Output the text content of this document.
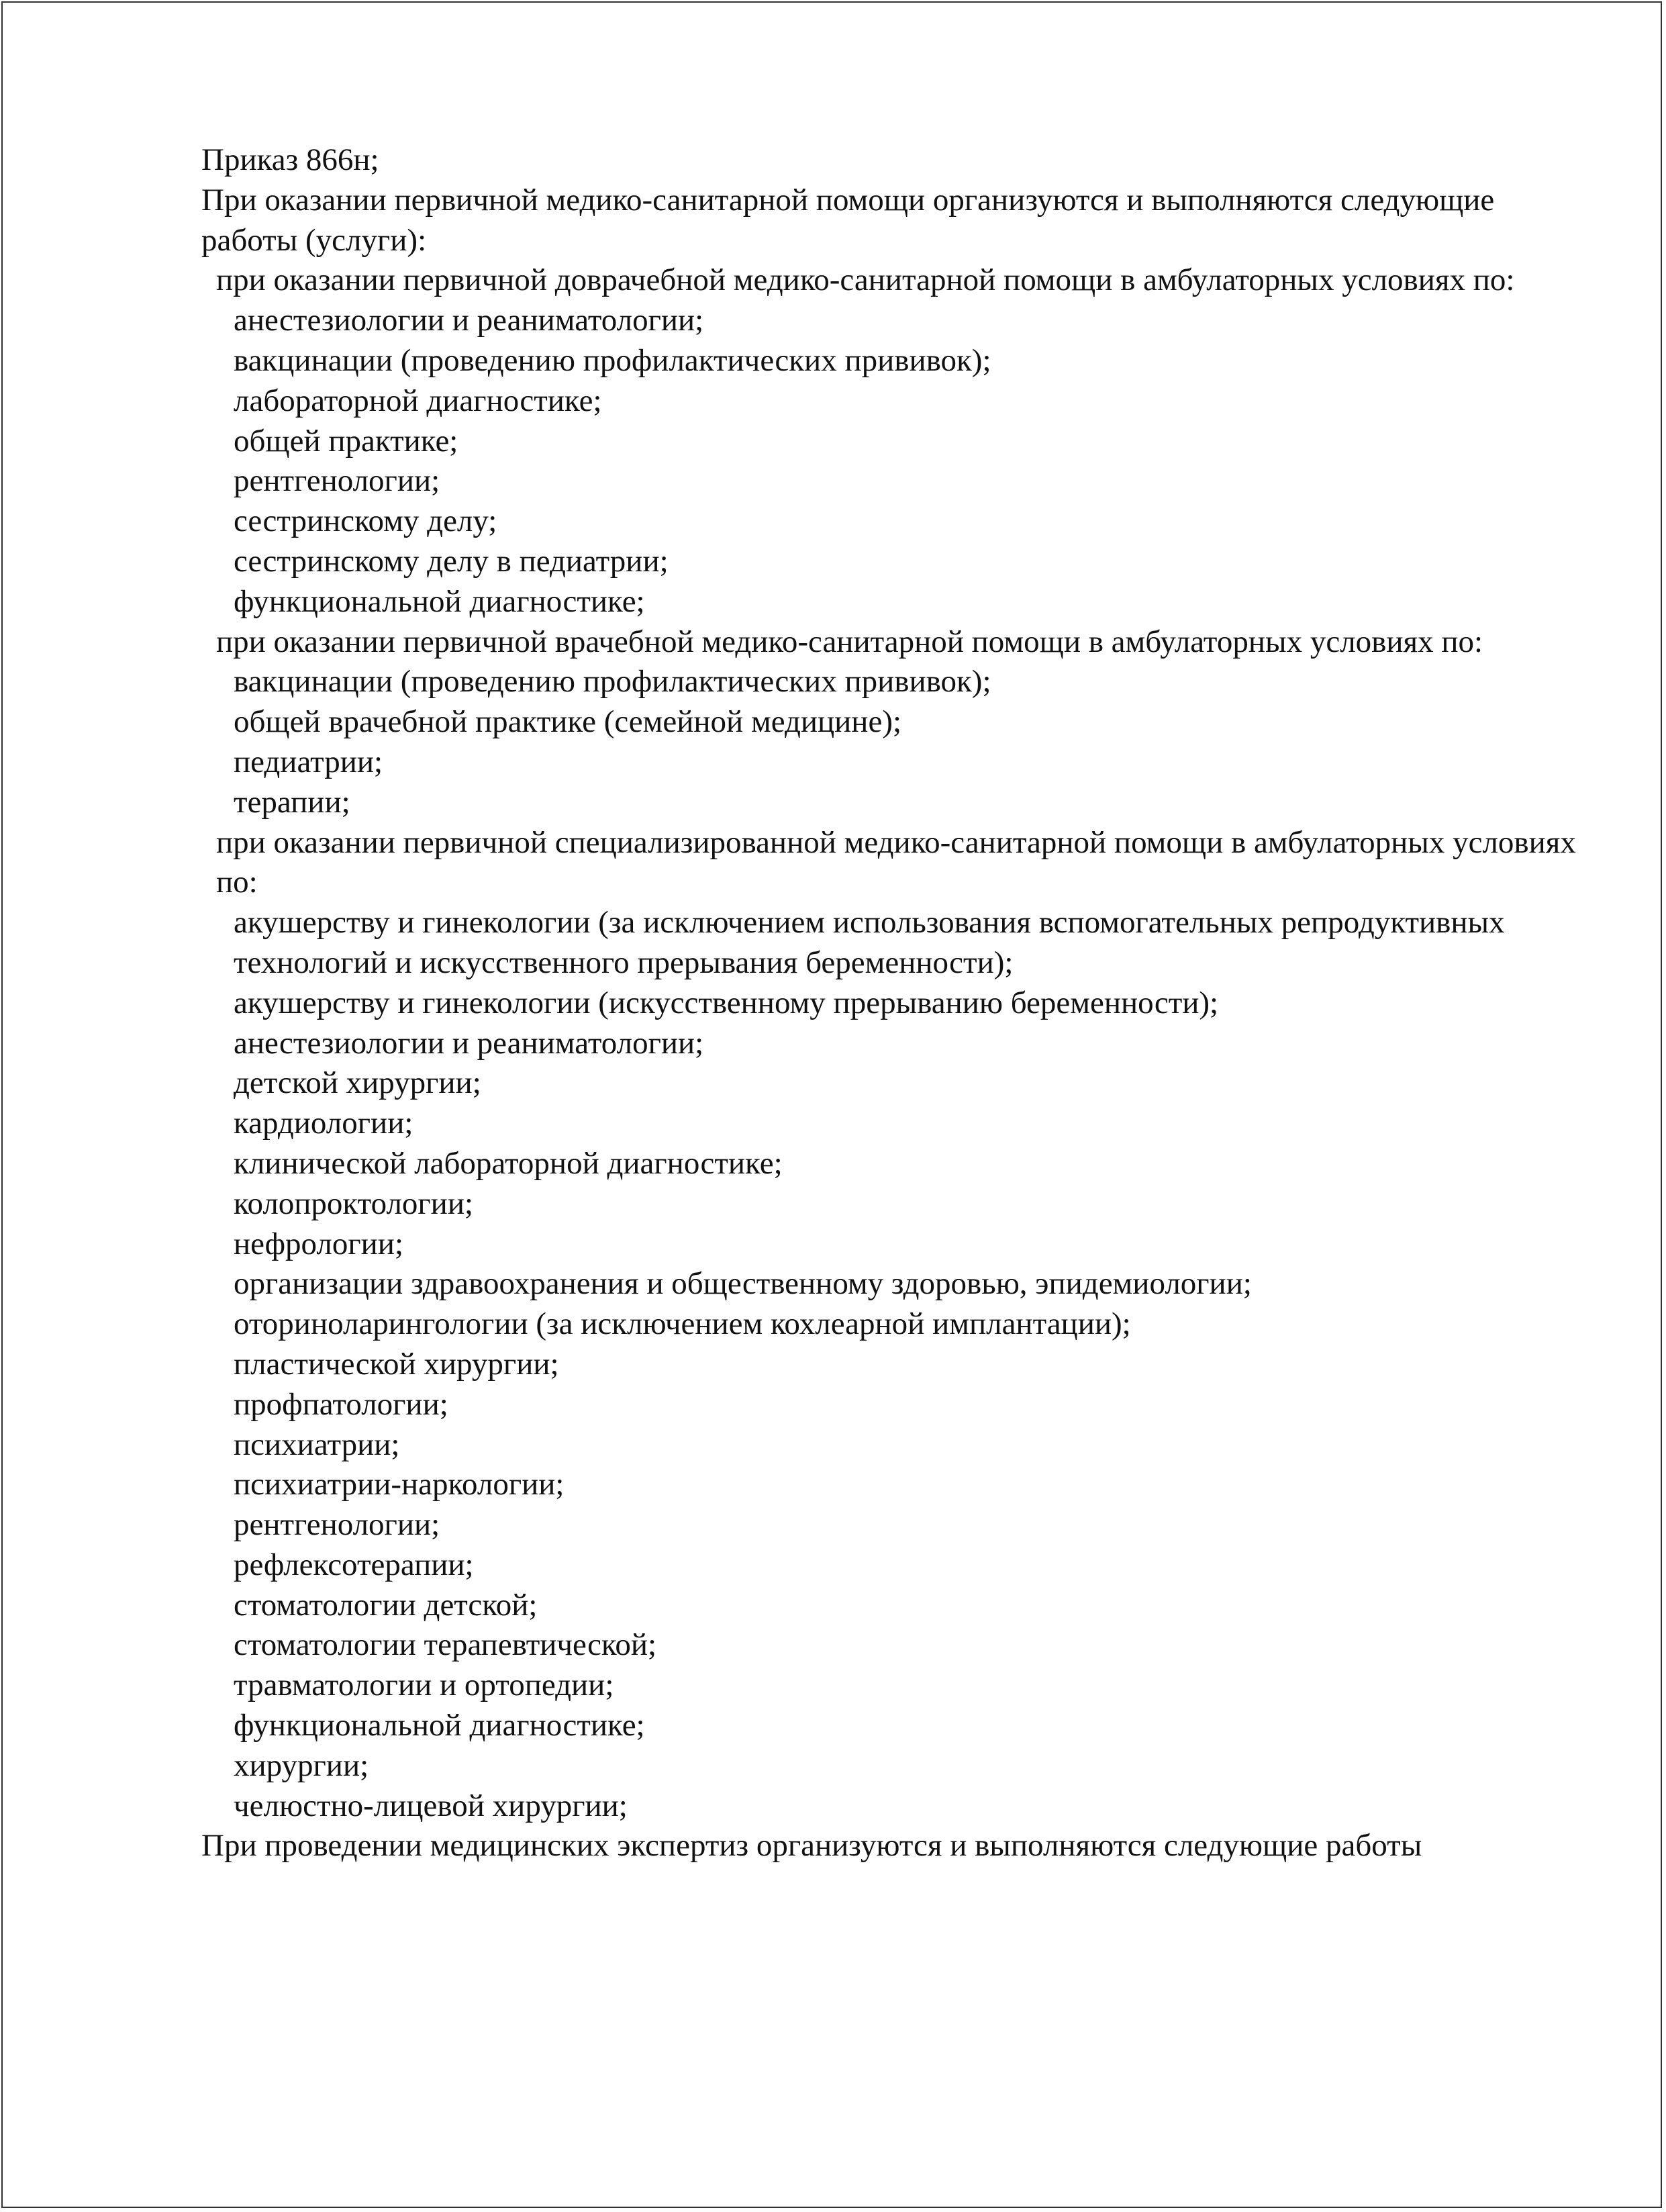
Приказ 866н;

При оказании первичной медико-санитарной помощи организуются и выполняются следующие работы (услуги):

при оказании первичной доврачебной медико-санитарной помощи в амбулаторных условиях по:

анестезиологии и реаниматологии;

вакцинации (проведению профилактических прививок);

лабораторной диагностике;

общей практике;

рентгенологии;

сестринскому делу;

сестринскому делу в педиатрии;

функциональной диагностике;

при оказании первичной врачебной медико-санитарной помощи в амбулаторных условиях по:

вакцинации (проведению профилактических прививок);

общей врачебной практике (семейной медицине);

педиатрии;

терапии;

при оказании первичной специализированной медико-санитарной помощи в амбулаторных условиях по:

акушерству и гинекологии (за исключением использования вспомогательных репродуктивных технологий и искусственного прерывания беременности);

акушерству и гинекологии (искусственному прерыванию беременности);

анестезиологии и реаниматологии;

детской хирургии;

кардиологии;

клинической лабораторной диагностике;

колопроктологии;

нефрологии;

организации здравоохранения и общественному здоровью, эпидемиологии;

оториноларингологии (за исключением кохлеарной имплантации);

пластической хирургии;

профпатологии;

психиатрии;

психиатрии-наркологии;

рентгенологии;

рефлексотерапии;

стоматологии детской;

стоматологии терапевтической;

травматологии и ортопедии;

функциональной диагностике;

хирургии;

челюстно-лицевой хирургии;

При проведении медицинских экспертиз организуются и выполняются следующие работы
